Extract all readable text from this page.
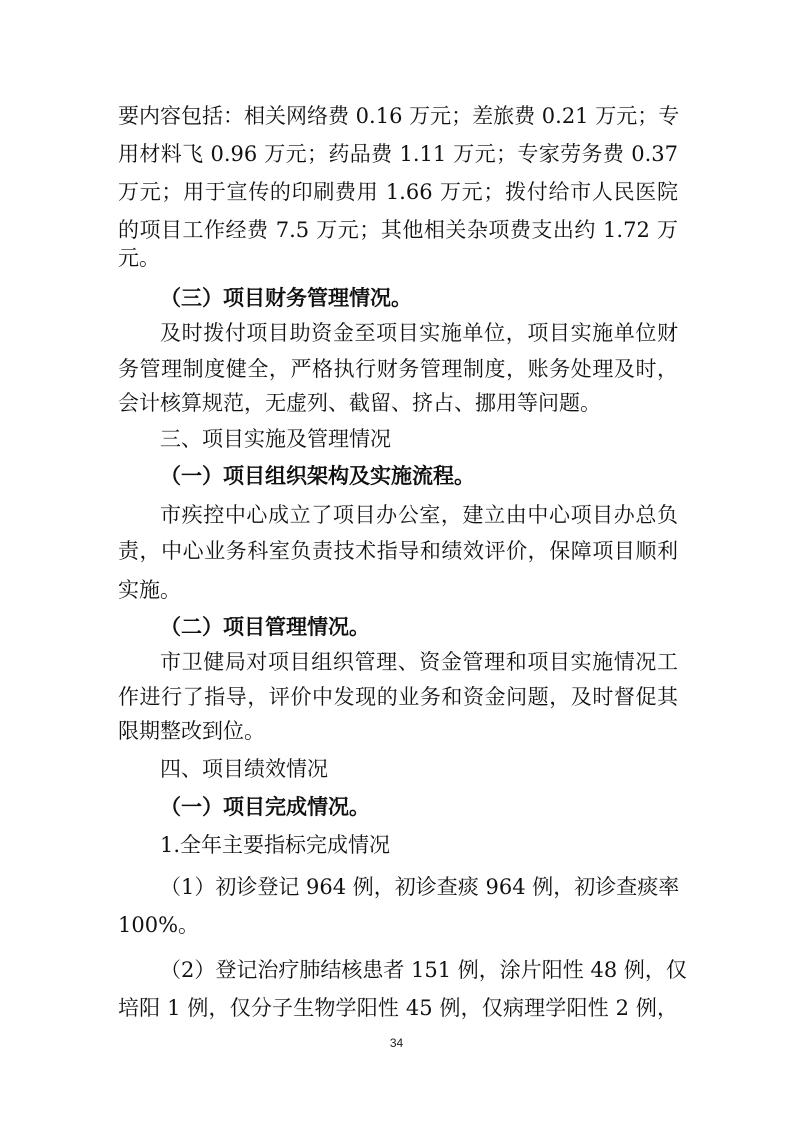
要内容包括：相关网络费 0.16 万元；差旅费 0.21 万元；专
用材料飞 0.96 万元；药品费 1.11 万元；专家劳务费 0.37
万元；用于宣传的印刷费用 1.66 万元；拨付给市人民医院
的项目工作经费 7.5 万元；其他相关杂项费支出约 1.72 万
元。
（三）项目财务管理情况。
及时拨付项目助资金至项目实施单位，项目实施单位财
务管理制度健全，严格执行财务管理制度，账务处理及时，
会计核算规范，无虚列、截留、挤占、挪用等问题。
三、项目实施及管理情况
（一）项目组织架构及实施流程。
市疾控中心成立了项目办公室，建立由中心项目办总负
责，中心业务科室负责技术指导和绩效评价，保障项目顺利
实施。
（二）项目管理情况。
市卫健局对项目组织管理、资金管理和项目实施情况工
作进行了指导，评价中发现的业务和资金问题，及时督促其
限期整改到位。
四、项目绩效情况
（一）项目完成情况。
1.全年主要指标完成情况
（1）初诊登记 964 例，初诊查痰 964 例，初诊查痰率
100%。
（2）登记治疗肺结核患者 151 例，涂片阳性 48 例，仅
培阳 1 例，仅分子生物学阳性 45 例，仅病理学阳性 2 例，
34
